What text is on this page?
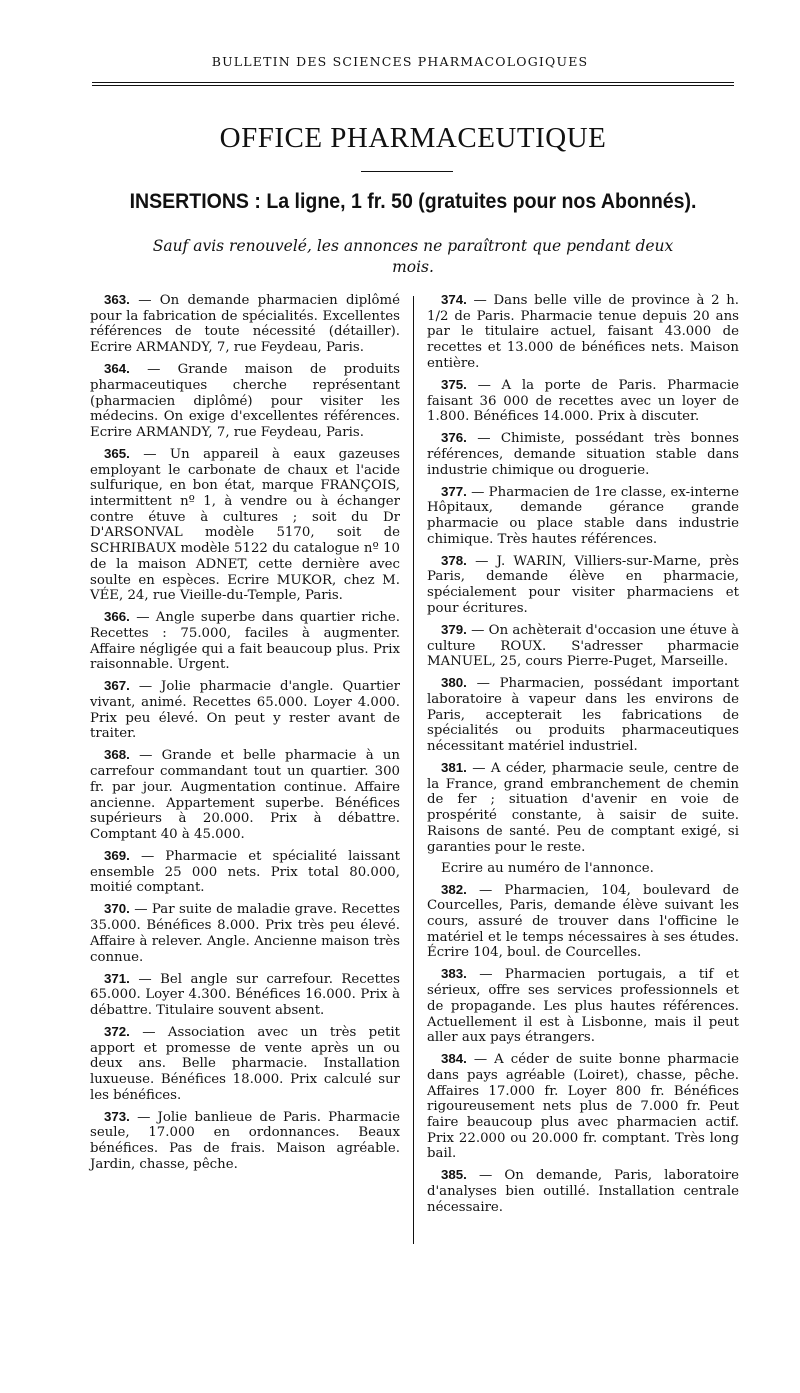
BULLETIN DES SCIENCES PHARMACOLOGIQUES
OFFICE PHARMACEUTIQUE
INSERTIONS : La ligne, 1 fr. 50 (gratuites pour nos Abonnés).
Sauf avis renouvelé, les annonces ne paraîtront que pendant deux mois.

363. — On demande pharmacien diplômé pour la fabrication de spécialités. Excellentes références de toute nécessité (détailler). Ecrire ARMANDY, 7, rue Feydeau, Paris.

364. — Grande maison de produits pharmaceutiques cherche représentant (pharmacien diplômé) pour visiter les médecins. On exige d'excellentes références. Ecrire ARMANDY, 7, rue Feydeau, Paris.

365. — Un appareil à eaux gazeuses employant le carbonate de chaux et l'acide sulfurique, en bon état, marque FRANÇOIS, intermittent nº 1, à vendre ou à échanger contre étuve à cultures ; soit du Dr D'ARSONVAL modèle 5170, soit de SCHRIBAUX modèle 5122 du catalogue nº 10 de la maison ADNET, cette dernière avec soulte en espèces. Ecrire MUKOR, chez M. VÉE, 24, rue Vieille-du-Temple, Paris.

366. — Angle superbe dans quartier riche. Recettes : 75.000, faciles à augmenter. Affaire négligée qui a fait beaucoup plus. Prix raisonnable. Urgent.

367. — Jolie pharmacie d'angle. Quartier vivant, animé. Recettes 65.000. Loyer 4.000. Prix peu élevé. On peut y rester avant de traiter.

368. — Grande et belle pharmacie à un carrefour commandant tout un quartier. 300 fr. par jour. Augmentation continue. Affaire ancienne. Appartement superbe. Bénéfices supérieurs à 20.000. Prix à débattre. Comptant 40 à 45.000.

369. — Pharmacie et spécialité laissant ensemble 25 000 nets. Prix total 80.000, moitié comptant.

370. — Par suite de maladie grave. Recettes 35.000. Bénéfices 8.000. Prix très peu élevé. Affaire à relever. Angle. Ancienne maison très connue.

371. — Bel angle sur carrefour. Recettes 65.000. Loyer 4.300. Bénéfices 16.000. Prix à débattre. Titulaire souvent absent.

372. — Association avec un très petit apport et promesse de vente après un ou deux ans. Belle pharmacie. Installation luxueuse. Bénéfices 18.000. Prix calculé sur les bénéfices.

373. — Jolie banlieue de Paris. Pharmacie seule, 17.000 en ordonnances. Beaux bénéfices. Pas de frais. Maison agréable. Jardin, chasse, pêche.

374. — Dans belle ville de province à 2 h. 1/2 de Paris. Pharmacie tenue depuis 20 ans par le titulaire actuel, faisant 43.000 de recettes et 13.000 de bénéfices nets. Maison entière.

375. — A la porte de Paris. Pharmacie faisant 36 000 de recettes avec un loyer de 1.800. Bénéfices 14.000. Prix à discuter.

376. — Chimiste, possédant très bonnes références, demande situation stable dans industrie chimique ou droguerie.

377. — Pharmacien de 1re classe, ex-interne Hôpitaux, demande gérance grande pharmacie ou place stable dans industrie chimique. Très hautes références.

378. — J. WARIN, Villiers-sur-Marne, près Paris, demande élève en pharmacie, spécialement pour visiter pharmaciens et pour écritures.

379. — On achèterait d'occasion une étuve à culture ROUX. S'adresser pharmacie MANUEL, 25, cours Pierre-Puget, Marseille.

380. — Pharmacien, possédant important laboratoire à vapeur dans les environs de Paris, accepterait les fabrications de spécialités ou produits pharmaceutiques nécessitant matériel industriel.

381. — A céder, pharmacie seule, centre de la France, grand embranchement de chemin de fer ; situation d'avenir en voie de prospérité constante, à saisir de suite. Raisons de santé. Peu de comptant exigé, si garanties pour le reste.

Ecrire au numéro de l'annonce.

382. — Pharmacien, 104, boulevard de Courcelles, Paris, demande élève suivant les cours, assuré de trouver dans l'officine le matériel et le temps nécessaires à ses études. Écrire 104, boul. de Courcelles.

383. — Pharmacien portugais, a tif et sérieux, offre ses services professionnels et de propagande. Les plus hautes références. Actuellement il est à Lisbonne, mais il peut aller aux pays étrangers.

384. — A céder de suite bonne pharmacie dans pays agréable (Loiret), chasse, pêche. Affaires 17.000 fr. Loyer 800 fr. Bénéfices rigoureusement nets plus de 7.000 fr. Peut faire beaucoup plus avec pharmacien actif. Prix 22.000 ou 20.000 fr. comptant. Très long bail.

385. — On demande, Paris, laboratoire d'analyses bien outillé. Installation centrale nécessaire.
